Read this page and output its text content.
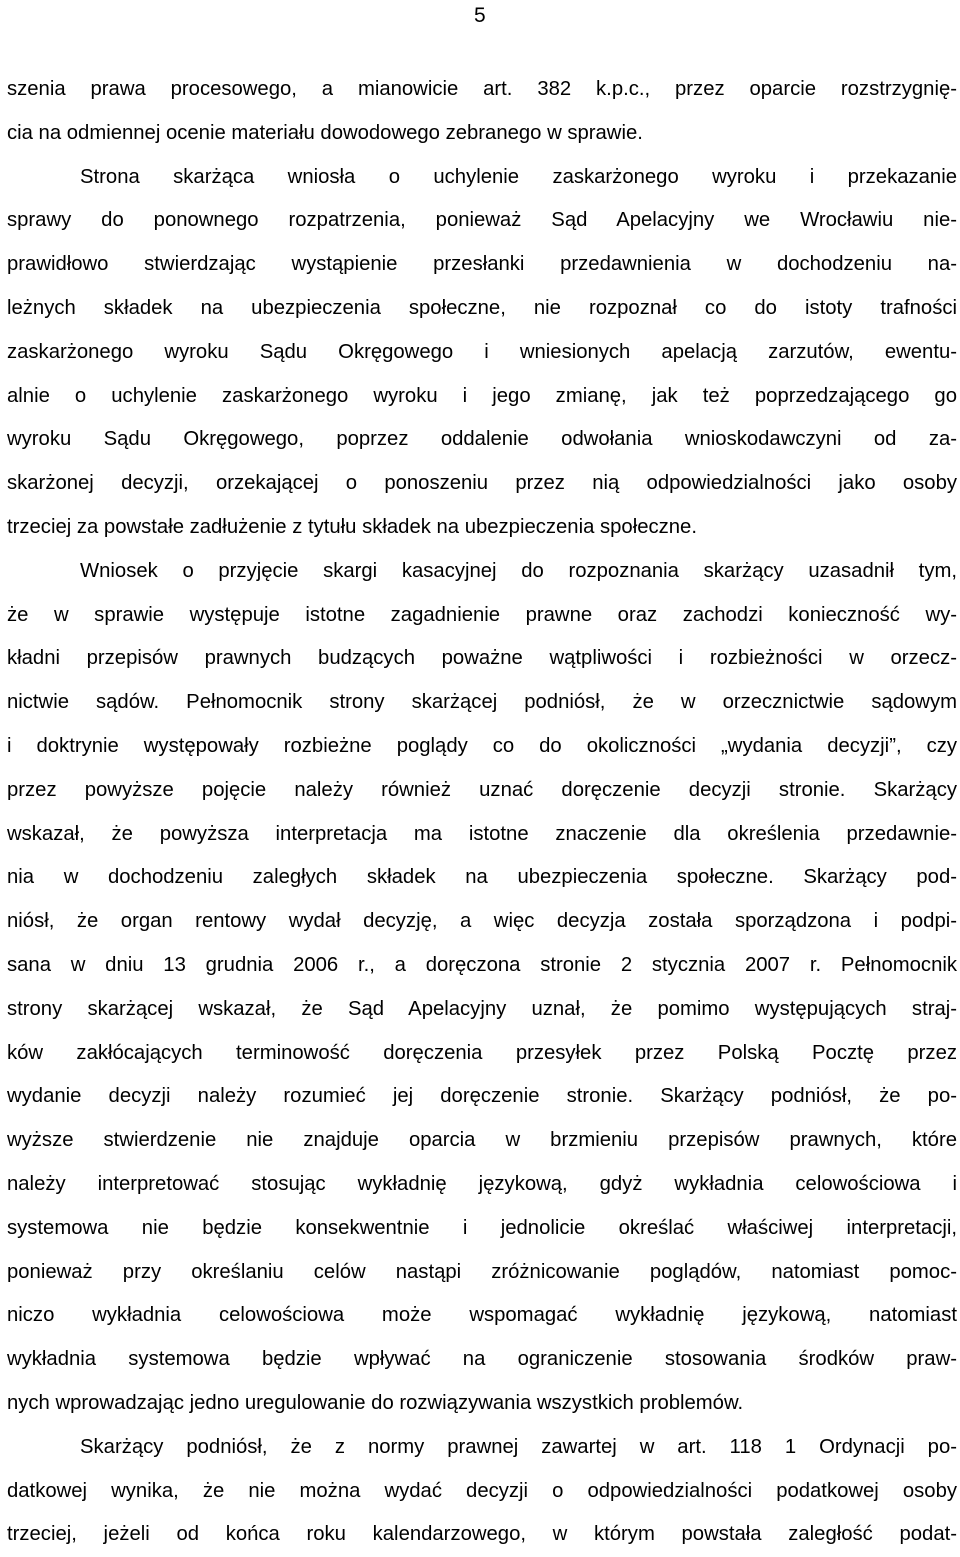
5
szenia prawa procesowego, a mianowicie art. 382 k.p.c., przez oparcie rozstrzygnię-
cia na odmiennej ocenie materiału dowodowego zebranego w sprawie.
Strona skarżąca wniosła o uchylenie zaskarżonego wyroku i przekazanie
sprawy do ponownego rozpatrzenia, ponieważ Sąd Apelacyjny we Wrocławiu nie-
prawidłowo stwierdzając wystąpienie przesłanki przedawnienia w dochodzeniu na-
leżnych składek na ubezpieczenia społeczne, nie rozpoznał co do istoty trafności
zaskarżonego wyroku Sądu Okręgowego i wniesionych apelacją zarzutów, ewentu-
alnie o uchylenie zaskarżonego wyroku i jego zmianę, jak też poprzedzającego go
wyroku Sądu Okręgowego, poprzez oddalenie odwołania wnioskodawczyni od za-
skarżonej decyzji, orzekającej o ponoszeniu przez nią odpowiedzialności jako osoby
trzeciej za powstałe zadłużenie z tytułu składek na ubezpieczenia społeczne.
Wniosek o przyjęcie skargi kasacyjnej do rozpoznania skarżący uzasadnił tym,
że w sprawie występuje istotne zagadnienie prawne oraz zachodzi konieczność wy-
kładni przepisów prawnych budzących poważne wątpliwości i rozbieżności w orzecz-
nictwie sądów. Pełnomocnik strony skarżącej podniósł, że w orzecznictwie sądowym
i doktrynie występowały rozbieżne poglądy co do okoliczności „wydania decyzji”, czy
przez powyższe pojęcie należy również uznać doręczenie decyzji stronie. Skarżący
wskazał, że powyższa interpretacja ma istotne znaczenie dla określenia przedawnie-
nia w dochodzeniu zaległych składek na ubezpieczenia społeczne. Skarżący pod-
niósł, że organ rentowy wydał decyzję, a więc decyzja została sporządzona i podpi-
sana w dniu 13 grudnia 2006 r., a doręczona stronie 2 stycznia 2007 r. Pełnomocnik
strony skarżącej wskazał, że Sąd Apelacyjny uznał, że pomimo występujących straj-
ków zakłócających terminowość doręczenia przesyłek przez Polską Pocztę przez
wydanie decyzji należy rozumieć jej doręczenie stronie. Skarżący podniósł, że po-
wyższe stwierdzenie nie znajduje oparcia w brzmieniu przepisów prawnych, które
należy interpretować stosując wykładnię językową, gdyż wykładnia celowościowa i
systemowa nie będzie konsekwentnie i jednolicie określać właściwej interpretacji,
ponieważ przy określaniu celów nastąpi zróżnicowanie poglądów, natomiast pomoc-
niczo wykładnia celowościowa może wspomagać wykładnię językową, natomiast
wykładnia systemowa będzie wpływać na ograniczenie stosowania środków praw-
nych wprowadzając jedno uregulowanie do rozwiązywania wszystkich problemów.
Skarżący podniósł, że z normy prawnej zawartej w art. 118 1 Ordynacji po-
datkowej wynika, że nie można wydać decyzji o odpowiedzialności podatkowej osoby
trzeciej, jeżeli od końca roku kalendarzowego, w którym powstała zaległość podat-
